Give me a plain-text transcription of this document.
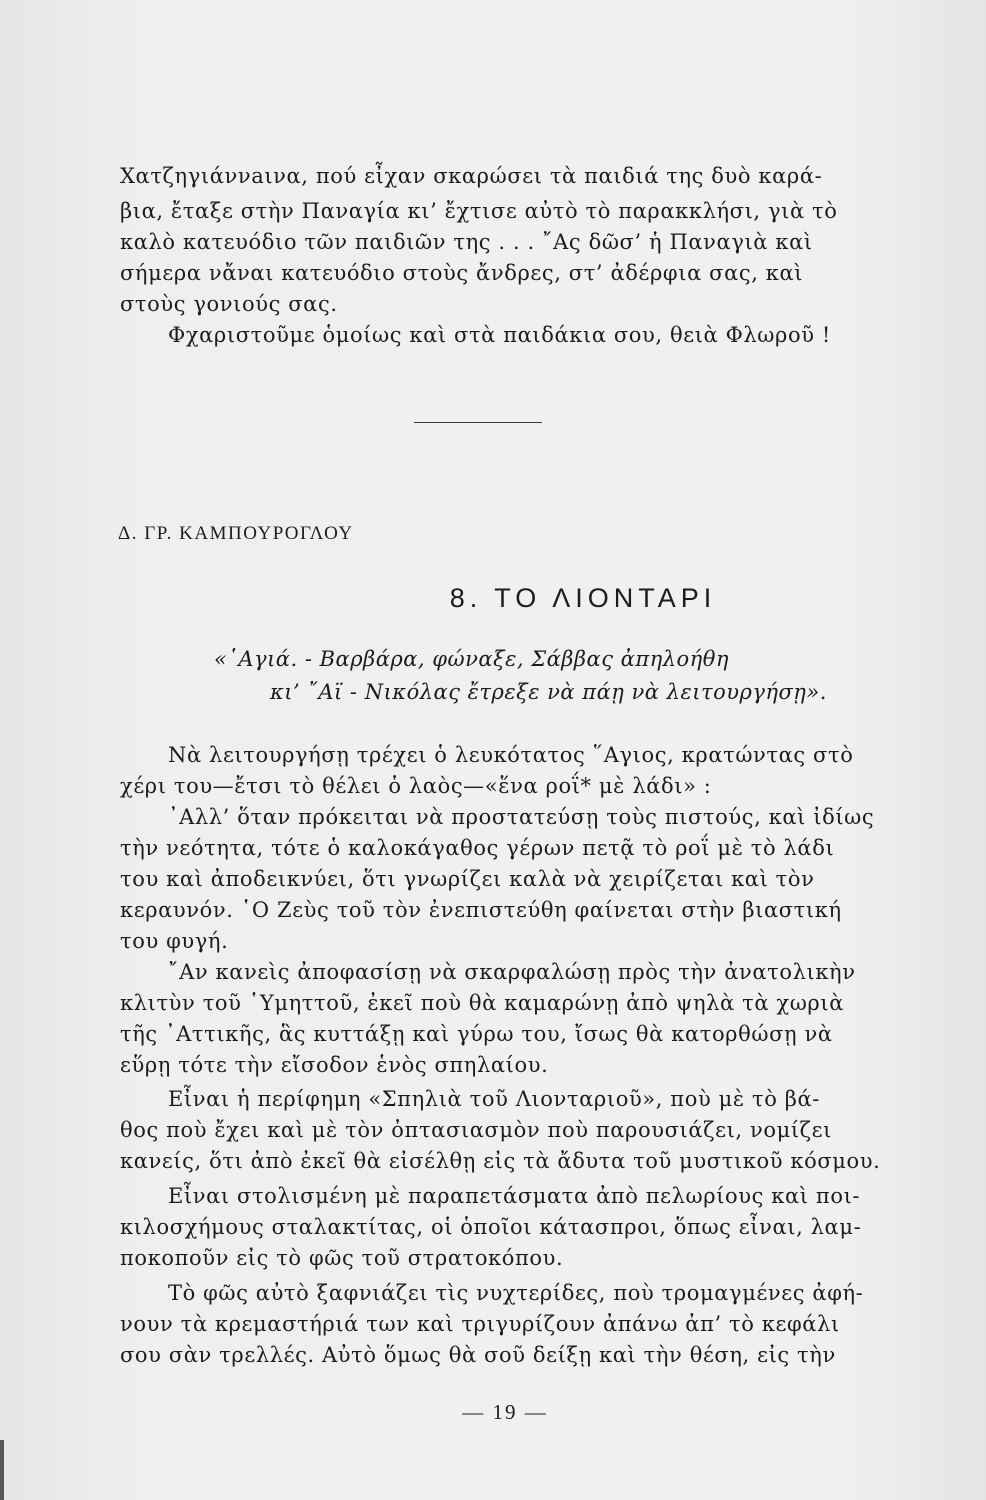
Χατζηγιάννaινα, πού εἶχαν σκαρώσει τὰ παιδιά της δυὸ καρά-
βια, ἔταξε στὴν Παναγία κι’ ἔχτισε αὐτὸ τὸ παρακκλήσι, γιὰ τὸ
καλὸ κατευόδιο τῶν παιδιῶν της . . . ῎Ας δῶσ’ ἡ Παναγιὰ καὶ
σήμερα νἄναι κατευόδιο στοὺς ἄνδρες, στ’ ἀδέρφια σας, καὶ
στοὺς γονιούς σας.
Φχαριστοῦμε ὁμοίως καὶ στὰ παιδάκια σου, θειὰ Φλωροῦ !
Δ. ΓΡ. ΚΑΜΠΟΥΡΟΓΛΟΥ
8. ΤΟ ΛΙΟΝΤΑΡΙ
«῾Αγιά. - Βαρβάρα, φώναξε, Σάββας ἀπηλοήθη
κι’ ῎Αϊ - Νικόλας ἔτρεξε νὰ πάῃ νὰ λειτουργήσῃ».
Νὰ λειτουργήσῃ τρέχει ὁ λευκότατος ῞Αγιος, κρατώντας στὸ
χέρι του—ἔτσι τὸ θέλει ὁ λαὸς—«ἕνα ροΐ* μὲ λάδι» :
᾿Αλλ’ ὅταν πρόκειται νὰ προστατεύσῃ τοὺς πιστούς, καὶ ἰδίως
τὴν νεότητα, τότε ὁ καλοκάγαθος γέρων πετᾷ τὸ ροΐ μὲ τὸ λάδι
του καὶ ἀποδεικνύει, ὅτι γνωρίζει καλὰ νὰ χειρίζεται καὶ τὸν
κεραυνόν. ῾Ο Ζεὺς τοῦ τὸν ἐνεπιστεύθη φαίνεται στὴν βιαστική
του φυγή.
῎Αν κανεὶς ἀποφασίσῃ νὰ σκαρφαλώσῃ πρὸς τὴν ἀνατολικὴν
κλιτὺν τοῦ ῾Υμηττοῦ, ἐκεῖ ποὺ θὰ καμαρώνῃ ἀπὸ ψηλὰ τὰ χωριὰ
τῆς ᾿Αττικῆς, ἃς κυττάξῃ καὶ γύρω του, ἴσως θὰ κατορθώσῃ νὰ
εὕρῃ τότε τὴν εἴσοδον ἑνὸς σπηλαίου.
Εἶναι ἡ περίφημη «Σπηλιὰ τοῦ Λιονταριοῦ», ποὺ μὲ τὸ βά-
θος ποὺ ἔχει καὶ μὲ τὸν ὀπτασιασμὸν ποὺ παρουσιάζει, νομίζει
κανείς, ὅτι ἀπὸ ἐκεῖ θὰ εἰσέλθῃ εἰς τὰ ἄδυτα τοῦ μυστικοῦ κόσμου.
Εἶναι στολισμένη μὲ παραπετάσματα ἀπὸ πελωρίους καὶ ποι-
κιλοσχήμους σταλακτίτας, οἱ ὁποῖοι κάτασπροι, ὅπως εἶναι, λαμ-
ποκοποῦν εἰς τὸ φῶς τοῦ στρατοκόπου.
Τὸ φῶς αὐτὸ ξαφνιάζει τὶς νυχτερίδες, ποὺ τρομαγμένες ἀφή-
νουν τὰ κρεμαστήριά των καὶ τριγυρίζουν ἀπάνω ἀπ’ τὸ κεφάλι
σου σὰν τρελλές. Αὐτὸ ὅμως θὰ σοῦ δείξῃ καὶ τὴν θέση, εἰς τὴν
— 19 —
